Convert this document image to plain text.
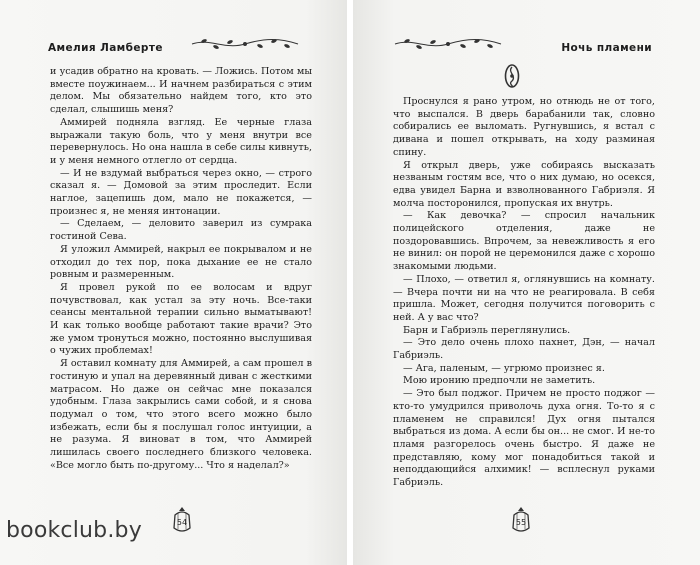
Амелия Ламберте

и усадив обратно на кровать. — Ложись. Потом мы вместе поужинаем... И начнем разбираться с этим делом. Мы обязательно найдем того, кто это сделал, слышишь меня?

Аммирей подняла взгляд. Ее черные глаза выражали такую боль, что у меня внутри все перевернулось. Но она нашла в себе силы кивнуть, и у меня немного отлегло от сердца.

— И не вздумай выбраться через окно, — строго сказал я. — Домовой за этим проследит. Если наглое, зацепишь дом, мало не покажется, — произнес я, не меняя интонации.

— Сделаем, — деловито заверил из сумрака гостиной Сева.

Я уложил Аммирей, накрыл ее покрывалом и не отходил до тех пор, пока дыхание ее не стало ровным и размеренным.

Я провел рукой по ее волосам и вдруг почувствовал, как устал за эту ночь. Все-таки сеансы ментальной терапии сильно выматывают! И как только вообще работают такие врачи? Это же умом тронуться можно, постоянно выслушивая о чужих проблемах!

Я оставил комнату для Аммирей, а сам прошел в гостиную и упал на деревянный диван с жесткими матрасом. Но даже он сейчас мне показался удобным. Глаза закрылись сами собой, и я снова подумал о том, что этого всего можно было избежать, если бы я послушал голос интуиции, а не разума. Я виноват в том, что Аммирей лишилась своего последнего близкого человека. «Все могло быть по-другому... Что я наделал?»

54
Ночь пламени

Проснулся я рано утром, но отнюдь не от того, что выспался. В дверь барабанили так, словно собирались ее выломать. Ругнувшись, я встал с дивана и пошел открывать, на ходу разминая спину.

Я открыл дверь, уже собираясь высказать незваным гостям все, что о них думаю, но осекся, едва увидел Барна и взволнованного Габриэля. Я молча посторонился, пропуская их внутрь.

— Как девочка? — спросил начальник полицейского отделения, даже не поздоровавшись. Впрочем, за невежливость я его не винил: он порой не церемонился даже с хорошо знакомыми людьми.

— Плохо, — ответил я, оглянувшись на комнату. — Вчера почти ни на что не реагировала. В себя пришла. Может, сегодня получится поговорить с ней. А у вас что?

Барн и Габриэль переглянулись.

— Это дело очень плохо пахнет, Дэн, — начал Габриэль.

— Ага, паленым, — угрюмо произнес я.

Мою иронию предпочли не заметить.

— Это был поджог. Причем не просто поджог — кто-то умудрился приволочь духа огня. То-то я с пламенем не справился! Дух огня пытался выбраться из дома. А если бы он... не смог. И не-то пламя разгорелось очень быстро. Я даже не представляю, кому мог понадобиться такой и неподдающийся алхимик! — всплеснул руками Габриэль.

55
bookclub.by
